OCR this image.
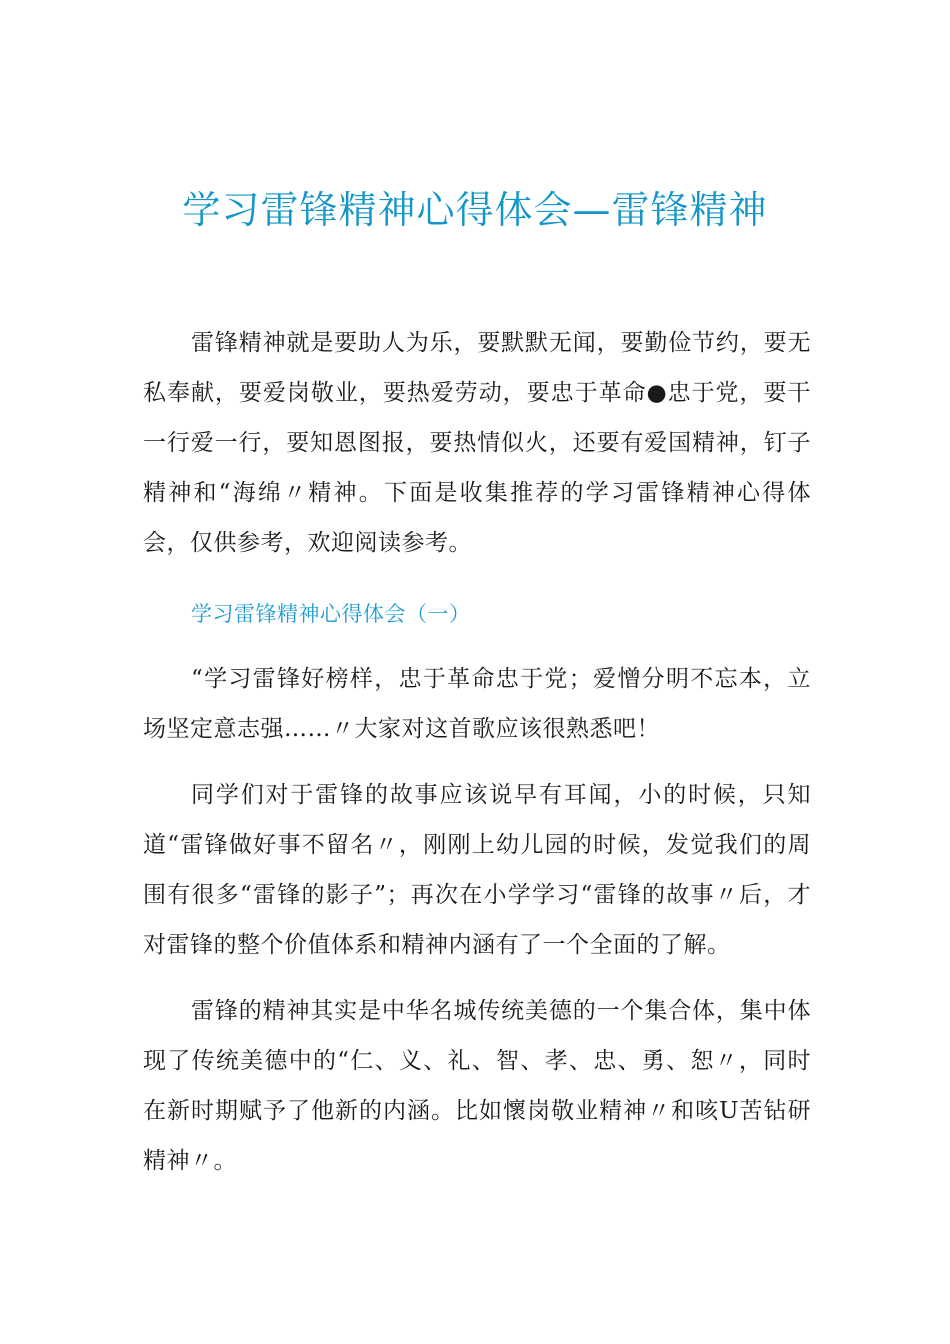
学习雷锋精神心得体会—雷锋精神

雷锋精神就是要助人为乐，要默默无闻，要勤俭节约，要无私奉献，要爱岗敬业，要热爱劳动，要忠于革命●忠于党，要干一行爱一行，要知恩图报，要热情似火，还要有爱国精神，钉子精神和“海绵〃精神。下面是收集推荐的学习雷锋精神心得体会，仅供参考，欢迎阅读参考。

学习雷锋精神心得体会（一）

“学习雷锋好榜样，忠于革命忠于党；爱憎分明不忘本，立场坚定意志强……〃大家对这首歌应该很熟悉吧！

同学们对于雷锋的故事应该说早有耳闻，小的时候，只知道“雷锋做好事不留名〃，刚刚上幼儿园的时候，发觉我们的周围有很多“雷锋的影子”；再次在小学学习“雷锋的故事〃后，才对雷锋的整个价值体系和精神内涵有了一个全面的了解。

雷锋的精神其实是中华名城传统美德的一个集合体，集中体现了传统美德中的“仁、义、礼、智、孝、忠、勇、恕〃，同时在新时期赋予了他新的内涵。比如懷岗敬业精神〃和咳U苦钻研精神〃。
